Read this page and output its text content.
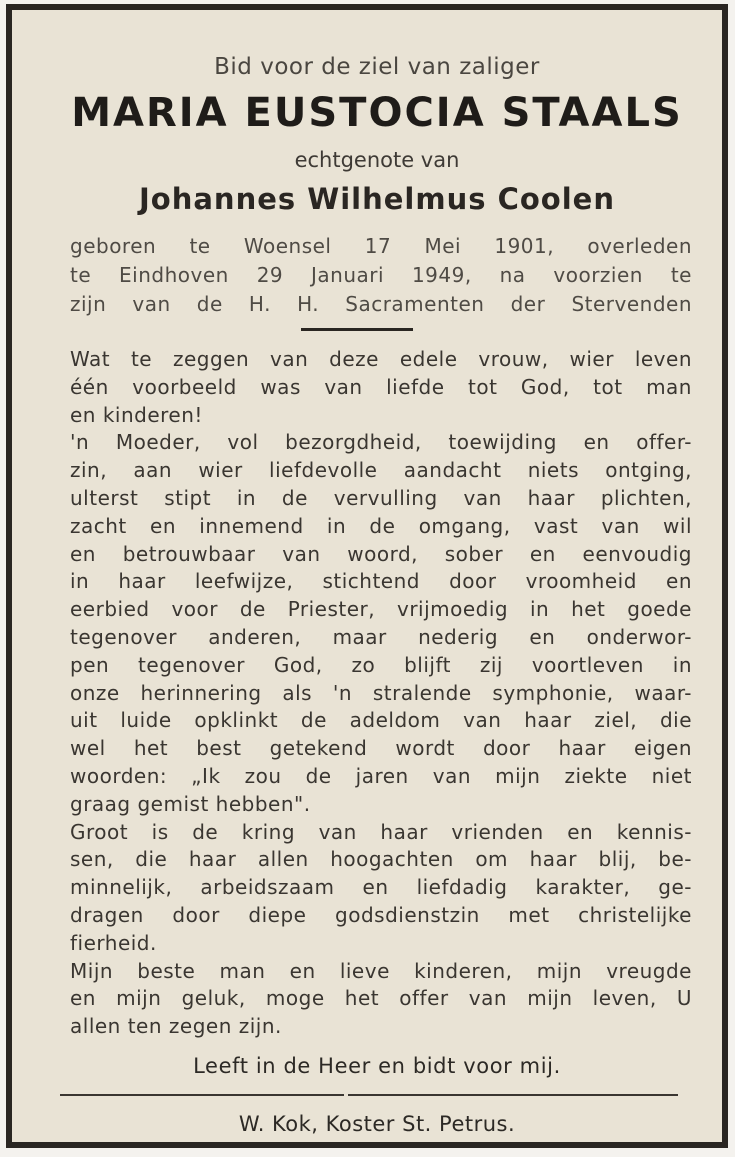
Bid voor de ziel van zaliger
MARIA EUSTOCIA STAALS
echtgenote van
Johannes Wilhelmus Coolen
geboren te Woensel 17 Mei 1901, overleden
te Eindhoven 29 Januari 1949, na voorzien te
zijn van de H. H. Sacramenten der Stervenden
Wat te zeggen van deze edele vrouw, wier leven
één voorbeeld was van liefde tot God, tot man
en kinderen!
'n Moeder, vol bezorgdheid, toewijding en offer-
zin, aan wier liefdevolle aandacht niets ontging,
ulterst stipt in de vervulling van haar plichten,
zacht en innemend in de omgang, vast van wil
en betrouwbaar van woord, sober en eenvoudig
in haar leefwijze, stichtend door vroomheid en
eerbied voor de Priester, vrijmoedig in het goede
tegenover anderen, maar nederig en onderwor-
pen tegenover God, zo blijft zij voortleven in
onze herinnering als 'n stralende symphonie, waar-
uit luide opklinkt de adeldom van haar ziel, die
wel het best getekend wordt door haar eigen
woorden: „Ik zou de jaren van mijn ziekte niet
graag gemist hebben".
Groot is de kring van haar vrienden en kennis-
sen, die haar allen hoogachten om haar blij, be-
minnelijk, arbeidszaam en liefdadig karakter, ge-
dragen door diepe godsdienstzin met christelijke
fierheid.
Mijn beste man en lieve kinderen, mijn vreugde
en mijn geluk, moge het offer van mijn leven, U
allen ten zegen zijn.
Leeft in de Heer en bidt voor mij.
W. Kok, Koster St. Petrus.
